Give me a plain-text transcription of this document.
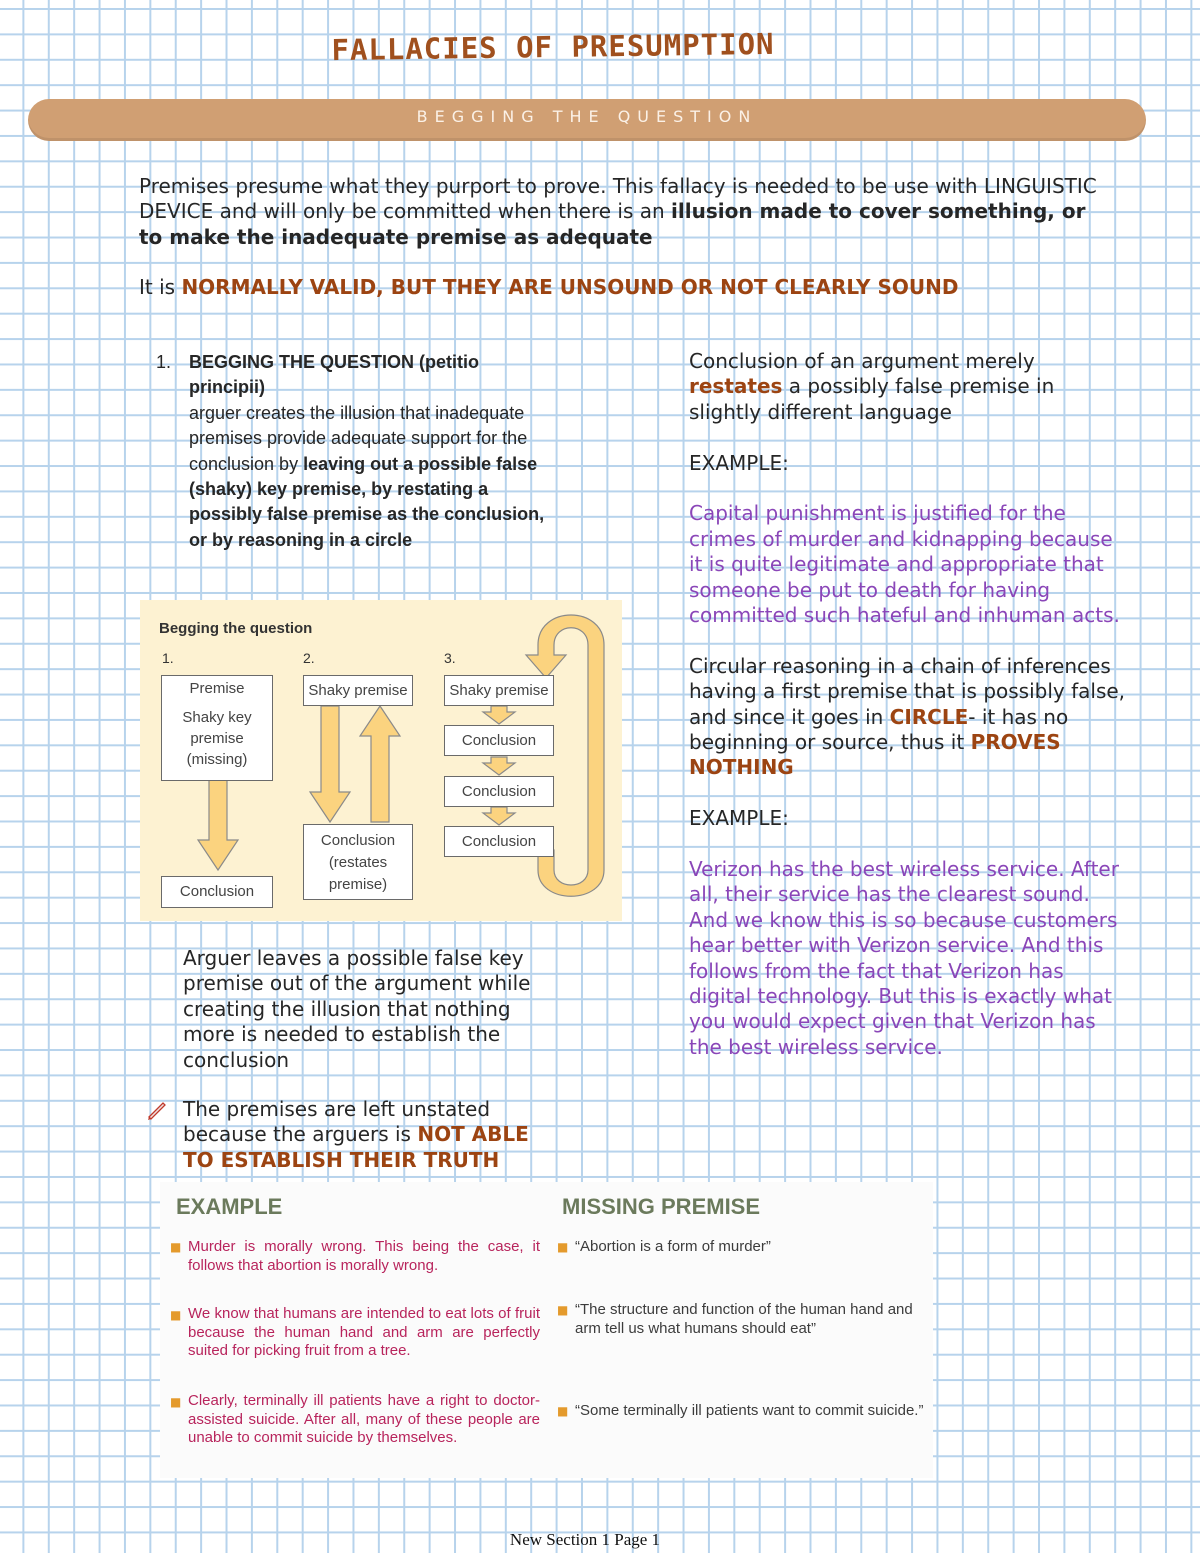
FALLACIES OF PRESUMPTION
BEGGING THE QUESTION
Premises presume what they purport to prove. This fallacy is needed to be use with LINGUISTIC DEVICE and will only be committed when there is an illusion made to cover something, or to make the inadequate premise as adequate
It is NORMALLY VALID, BUT THEY ARE UNSOUND OR NOT CLEARLY SOUND
1. BEGGING THE QUESTION (petitio principii)
arguer creates the illusion that inadequate premises provide adequate support for the conclusion by leaving out a possible false (shaky) key premise, by restating a possibly false premise as the conclusion, or by reasoning in a circle
Begging the question
1.	2.	3.
Premise
Shaky key premise (missing)
Conclusion
Shaky premise
Conclusion (restates premise)
Shaky premise
Conclusion
Conclusion
Conclusion
Arguer leaves a possible false key premise out of the argument while creating the illusion that nothing more is needed to establish the conclusion
The premises are left unstated because the arguers is NOT ABLE TO ESTABLISH THEIR TRUTH
Conclusion of an argument merely restates a possibly false premise in slightly different language
EXAMPLE:
Capital punishment is justified for the crimes of murder and kidnapping because it is quite legitimate and appropriate that someone be put to death for having committed such hateful and inhuman acts.
Circular reasoning in a chain of inferences having a first premise that is possibly false, and since it goes in CIRCLE- it has no beginning or source, thus it PROVES NOTHING
EXAMPLE:
Verizon has the best wireless service. After all, their service has the clearest sound. And we know this is so because customers hear better with Verizon service. And this follows from the fact that Verizon has digital technology. But this is exactly what you would expect given that Verizon has the best wireless service.
EXAMPLE	MISSING PREMISE
■ Murder is morally wrong. This being the case, it follows that abortion is morally wrong.
■ “Abortion is a form of murder”
■ We know that humans are intended to eat lots of fruit because the human hand and arm are perfectly suited for picking fruit from a tree.
■ “The structure and function of the human hand and arm tell us what humans should eat”
■ Clearly, terminally ill patients have a right to doctor-assisted suicide. After all, many of these people are unable to commit suicide by themselves.
■ “Some terminally ill patients want to commit suicide.”
New Section 1 Page 1
